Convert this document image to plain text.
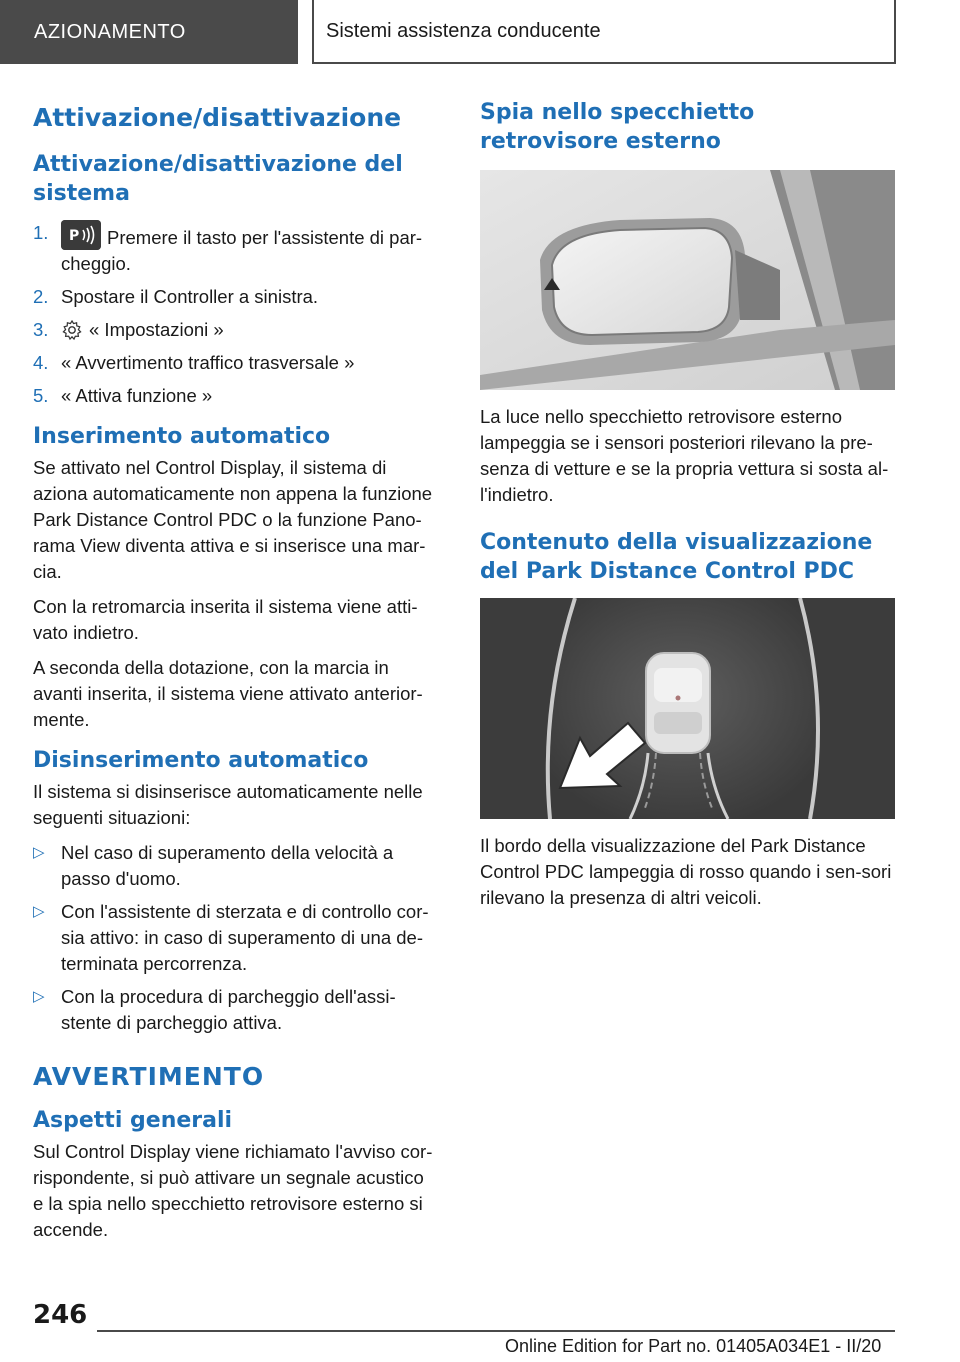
AZIONAMENTO	Sistemi assistenza conducente
Attivazione/disattivazione
Attivazione/disattivazione del sistema
1. P Premere il tasto per l'assistente di par-cheggio.
2. Spostare il Controller a sinistra.
3. « Impostazioni »
4. « Avvertimento traffico trasversale »
5. « Attiva funzione »
Inserimento automatico

Se attivato nel Control Display, il sistema di aziona automaticamente non appena la funzione Park Distance Control PDC o la funzione Pano-rama View diventa attiva e si inserisce una mar-cia.

Con la retromarcia inserita il sistema viene atti-vato indietro.

A seconda della dotazione, con la marcia in avanti inserita, il sistema viene attivato anterior-mente.

Disinserimento automatico

Il sistema si disinserisce automaticamente nelle seguenti situazioni:

▷ Nel caso di superamento della velocità a passo d'uomo.
▷ Con l'assistente di sterzata e di controllo cor-sia attivo: in caso di superamento di una de-terminata percorrenza.
▷ Con la procedura di parcheggio dell'assi-stente di parcheggio attiva.
AVVERTIMENTO
Aspetti generali

Sul Control Display viene richiamato l'avviso cor-rispondente, si può attivare un segnale acustico e la spia nello specchietto retrovisore esterno si accende.

Spia nello specchietto retrovisore esterno

La luce nello specchietto retrovisore esterno lampeggia se i sensori posteriori rilevano la pre-senza di vetture e se la propria vettura si sosta al-l'indietro.

Contenuto della visualizzazione del Park Distance Control PDC

Il bordo della visualizzazione del Park Distance Control PDC lampeggia di rosso quando i sen-sori rilevano la presenza di altri veicoli.

246
Online Edition for Part no. 01405A034E1 - II/20
